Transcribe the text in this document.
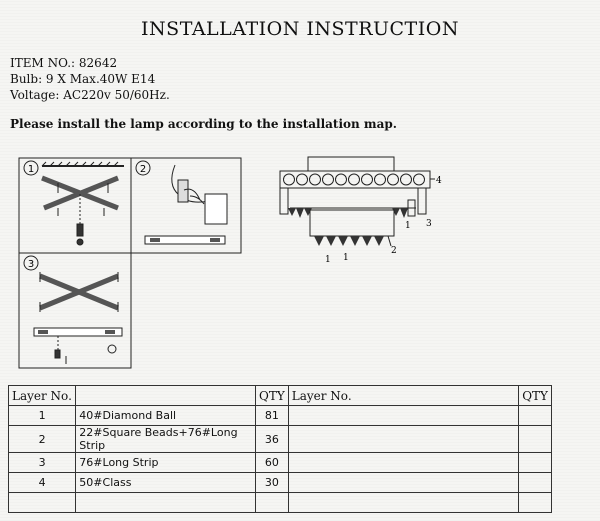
INSTALLATION INSTRUCTION
ITEM NO.: 82642
Bulb: 9 X Max.40W E14
Voltage: AC220v 50/60Hz.
Please install the lamp according to the installation map.
1	2
3
4
3
1
2
1 1
Layer No.		QTY	Layer No.	QTY
1	40#Diamond Ball	81		
2	22#Square Beads+76#Long Strip	36		
3	76#Long Strip	60		
4	50#Class	30		
